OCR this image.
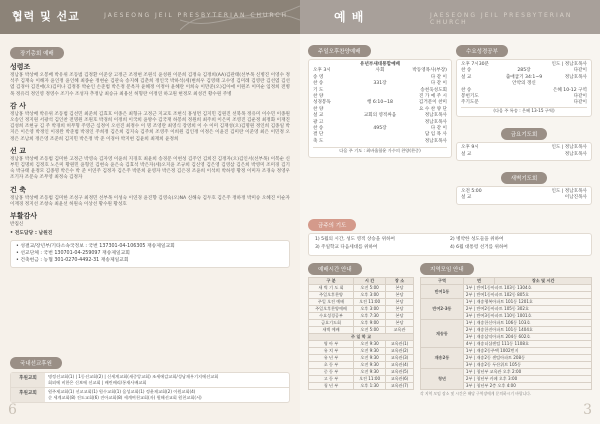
협력 및 선교	JAESEONG JEIL PRESBYTERIAN CHURCH
장기총회 예배
성령조
정남홍 박상배 오봉배 박유위 조동범 김정환 이준상 고정근 조정현 조원식 윤성원 이문희 김정숙 김정희(AA)김관태(선부목 신병진 이영수 정석주 김재숙 이해자 윤인정 윤인혜 최종순 정현순 김관숙 송지혜 김춘희 정인국 박하석(세)변희우 김영태 고수영 김미례 김영란 김선엽 김선엽 김경아 김진애(오)김미나 김정흥 박순인 손준범 박은정 문옥자 윤혜정 이정아 윤혜란 이희숙 이만준(오)김아애 이원조 이미순 임정희 전병목 정유리 정인영 정영수 조기수 조성자 추정남 최승규 최용선 허형란 이정연 하고원 현정모 최성건 황수원 주병
감 사
정남홍 박상배 박유위 조동범 김선민 최준희 김효호 이종은 최형규 고정근 지교호 조현식 홍성면 김지민 김원진 선북목 정유미 이수민 이종원 오송인 정지원 서광석 김인찬 전명원 조원호 박경희 이정희 이국희 윤방수 김국재 하봉희 정원희 최주희 이은미 조영진 김운정 최정화 이재진 김성희 조현규 김 주 박경희 허무형 주영근 심정이 오선진 최정수 이 명 조영란 최영식 장영희 이 수 이미 김재성(오)김명원 정인희 김종일 박지은 이은영 박정인 이경완 박준범 박경인 주희정 김은희 김지숙 김주희 조영주 이희원 김인정 이정은 이윤진 김미란 이준영 최은 이민정 오정은 조남희 정은영 조준희 김지민 박은정 박 준 이경아 박지현 김윤희 최재희 윤정희
선 교
정남홍 박상배 조동범 김미한 고정근 박영숙 김자영 이윤희 지경호 최윤희 송경문 이현성 김주언 김희진 김정자(오)김인서(선부목) 이복순 신부민 김명희 김정호 노은미 황원민 윤형인 김현숙 윤은숙 김효석 박은자(세)오지윤 조규희 김신영 김은영 김영삼 김은희 박영미 조미경 김기숙 박규태 윤정모 김종명 박은수 박 준 이연주 김정자 김은주 박문희 윤영자 박은정 김은경 조윤희 이석희 박하영 황정 이미자 조경숙 정영우 조기자 조문숙 조무영 최정숙 김정자
건 축
정남홍 박상배 조동범 김미한 조성구 최정민 선부목 이성숙 이연경 윤진향 김영숙(오)NA 신해숙 김두호 김은주 정하정 박미승 오혜진 이순자 이재경 정지선 조창숙 최윤선 허원숙 이상선 황수원 황성호
부활감사
반집신
• 전도담당 : 남원진
• 성결교/장년부/기타소속국정보 : 국번 137301-04-106305 재송제일교회
• 선교단체 : 국번 130701-04-259097 재송제일교회
• 건축헌금 : 농협 301-0270-4492-31 재송제일교회
국내선교후원
후원교회	명정선교회(1) | 1동선교회(2) | 신세계교회(새중앙교회) 조세에감교회/성남재우기지에선교회
회외에 비한은 신보에 선교회 | 배린배리/통재사배교회
후원교회	원주제교회(1) 선교교회(1) 원수교회(1) 음성교회(1) 정윤제교회(2) 이원교회(4)
순 세계교회(8) 진도교회(6) 진아교회(8) 세계여천교회(자) 원해선교회 원천교회(서)
6
예 배	JAESEONG JEIL PRESBYTERIAN CHURCH
주일오후찬양예배
유년부새대통합예배
오후 3시	사회	박동영목사(부장)
송 영	다 같 이
찬 송	331장	다 같 이
기 도	송천욱성도회
찬 양	진 가 예 주 시
성경봉독	행 6:10~18	김거문이 찬미
찬 양	요 수 찬 양 단
설 교	교회의 영적싸움	정남호목사
광 고	정남호목사
찬 송	495장	다 같 이
결 단	담 임 목 사
축 도	정남호목사
다음 주 기도 : 최바울합윤 가수의 찬양(찬중)
수요성경공부
오후 7시30분	인도 | 정남호목사
찬 송	285장	다같이
설 교	출애굽기 34:1~9	정남호목사
안약의 갱신
찬 송	은혜 10-12 구역
봉헌기도	다같이
주기도문	다같이
(다음 주 특송 : 은혜 13-15 구역)
금요기도회
오후 9시	인도 | 정남호목사
설 교	정남호목사
새벽기도회
오전 5:00	인도 | 정남호목사
설 교	이남진목사
금주의 기도
1) 5월의 시간, 성도 영적 상승을 위하여	2) 병약한 성도들을 위하여
3) 주일학교 다음세대를 위하여	4) 6월 대통령 선거를 위하여
예배시간 안내
구 분	시 간	장 소
새 벽 기 도 회	오전 5:00	본당
주일오후찬양	오후 3:00	본당
주일 오전 예배	오전 11:00	본당
주일오후찬양예배	오후 3:00	본당
수요성경공부	오후 7:30	본당
금요기도회	오후 9:00	본당
새벽 예배	오전 5:00	교육관
주 일 학 교		
영 아 부	오전 9:30	교육관(1)
유 치 부	오전 9:30	교육관(2)
유 년 부	오전 9:30	교육관(3)
초 등 부	오전 9:30	교육관(4)
중 등 부	오전 9:30	교육관(5)
고 등 부	오전 11:00	교육관(6)
청 년 부	오후 1:30	교육관(7)
지역모임 안내
구역	번	장소 및 시간
반여1동	1부 | 반여1동아파트 103동 1304호	
	2부 | 반여1동아파트 102동 805호	
반여2·3동	1부 | 재송행복아파트 101동 1201호	
	2부 | 반여2동아파트 105동 302호	
	3부 | 반여3동아파트 110동 1001호	
재송동	1부 | 재송한신아파트 106동 103호	
	2부 | 재송한진아파트 101동 1404호	
	3부 | 재송삼익아파트 204동 602호	
	4부 | 재송더샵센텀 111동 1108호	
재송2동	1부 | 재송2동주택 1002번지	
	2부 | 재송2동 센텀아파트 208동	
	3부 | 재송2동 두산위브 105동	
청년	1부 | 청년부 교육관 오후 2:00	
	2부 | 청년부 카페 오후 3:00	
	3부 | 청년부 2층 오후 4:00	
각 지역 모임 장소 및 시간은 해당 구역장에게 문의하시기 바랍니다.
3
